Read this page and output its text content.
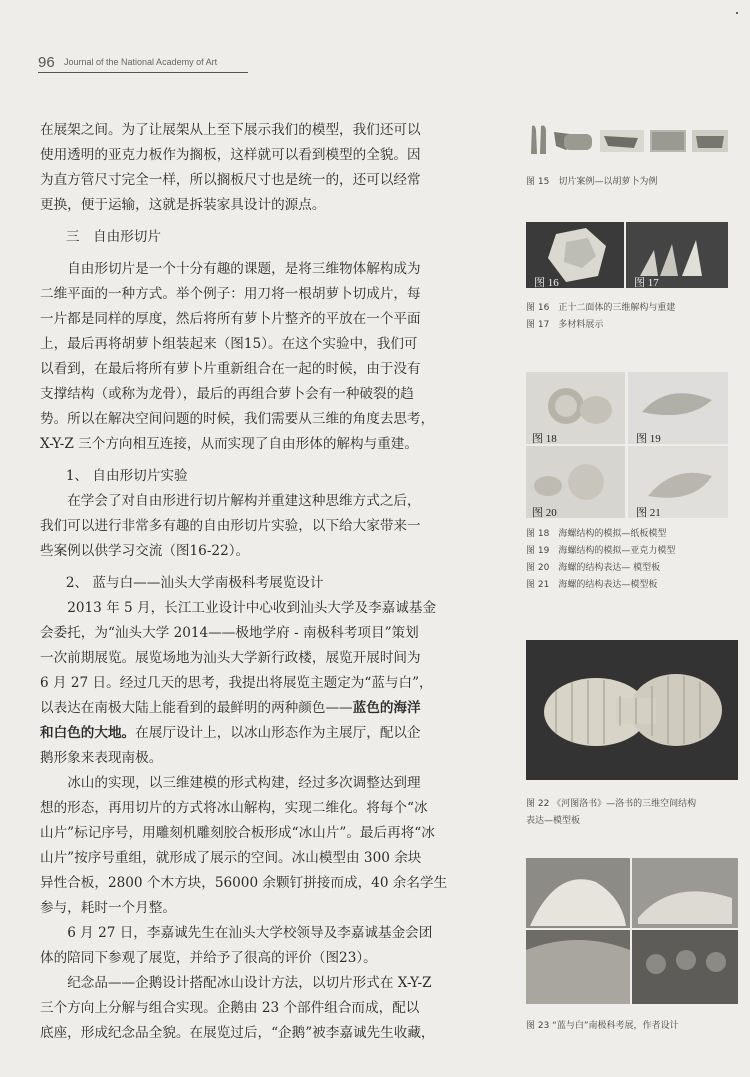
96 Journal of the National Academy of Art

在展架之间。为了让展架从上至下展示我们的模型，我们还可以

使用透明的亚克力板作为搁板，这样就可以看到模型的全貌。因

为直方管尺寸完全一样，所以搁板尺寸也是统一的，还可以经常

更换，便于运输，这就是拆装家具设计的源点。

三　自由形切片

自由形切片是一个十分有趣的课题，是将三维物体解构成为

二维平面的一种方式。举个例子：用刀将一根胡萝卜切成片，每

一片都是同样的厚度，然后将所有萝卜片整齐的平放在一个平面

上，最后再将胡萝卜组装起来（图15）。在这个实验中，我们可

以看到，在最后将所有萝卜片重新组合在一起的时候，由于没有

支撑结构（或称为龙骨），最后的再组合萝卜会有一种破裂的趋

势。所以在解决空间问题的时候，我们需要从三维的角度去思考，

X-Y-Z 三个方向相互连接，从而实现了自由形体的解构与重建。

1、 自由形切片实验

在学会了对自由形进行切片解构并重建这种思维方式之后，

我们可以进行非常多有趣的自由形切片实验，以下给大家带来一

些案例以供学习交流（图16-22）。

2、 蓝与白——汕头大学南极科考展览设计

2013 年 5 月，长江工业设计中心收到汕头大学及李嘉诚基金

会委托，为“汕头大学 2014——极地学府 - 南极科考项目”策划

一次前期展览。展览场地为汕头大学新行政楼，展览开展时间为

6 月 27 日。经过几天的思考，我提出将展览主题定为“蓝与白”，

以表达在南极大陆上能看到的最鲜明的两种颜色——蓝色的海洋

和白色的大地。在展厅设计上，以冰山形态作为主展厅，配以企

鹅形象来表现南极。

冰山的实现，以三维建模的形式构建，经过多次调整达到理

想的形态，再用切片的方式将冰山解构，实现二维化。将每个“冰

山片”标记序号，用雕刻机雕刻胶合板形成“冰山片”。最后再将“冰

山片”按序号重组，就形成了展示的空间。冰山模型由 300 余块

异性合板，2800 个木方块，56000 余颗钉拼接而成，40 余名学生

参与，耗时一个月整。

6 月 27 日，李嘉诚先生在汕头大学校领导及李嘉诚基金会团

体的陪同下参观了展览，并给予了很高的评价（图23）。

纪念品——企鹅设计搭配冰山设计方法，以切片形式在 X-Y-Z

三个方向上分解与组合实现。企鹅由 23 个部件组合而成，配以

底座，形成纪念品全貌。在展览过后，“企鹅”被李嘉诚先生收藏，

图 15　切片案例—以胡萝卜为例

图 16	图 17

图 16　正十二面体的三维解构与重建

图 17　多材料展示

图 18	图 19
图 20	图 21

图 18　海螺结构的模拟—纸板模型

图 19　海螺结构的模拟—亚克力模型

图 20　海螺的结构表达— 模型板

图 21　海螺的结构表达—模型板

图 22 《河图洛书》—洛书的三维空间结构

表达—模型板

图 23 “蓝与白”南极科考展，作者设计
